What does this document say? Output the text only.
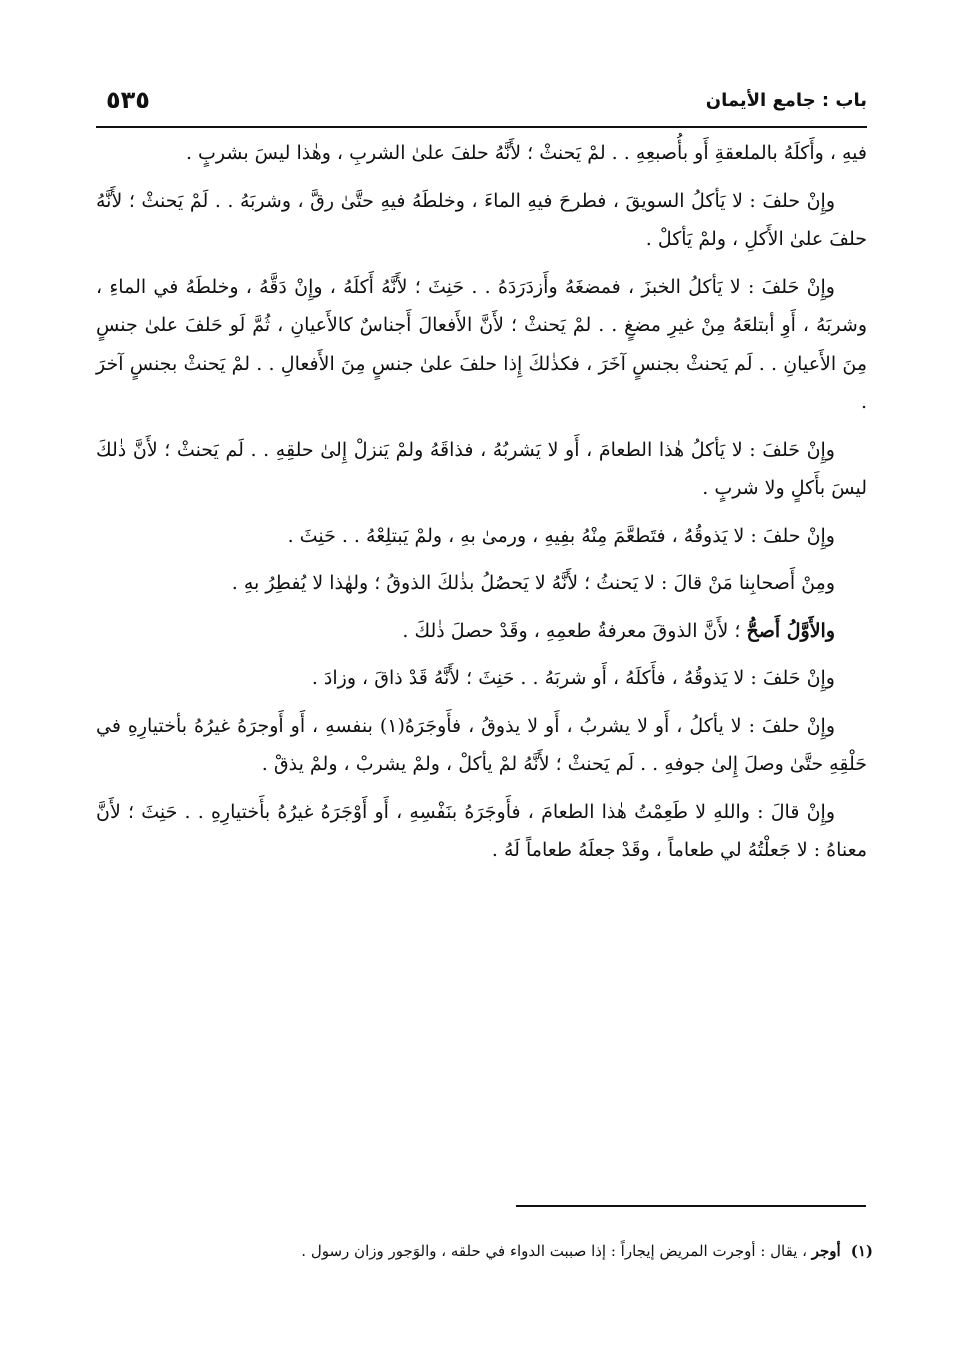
باب : جامع الأيمان
٥٣٥

فيهِ ، وأَكلَهُ بالملعقةِ أَو بأُصبعِهِ . . لمْ يَحنثْ ؛ لأَنَّهُ حلفَ علىٰ الشربِ ، وهٰذا ليسَ بشربٍ .

وإِنْ حلفَ : لا يَأكلُ السويقَ ، فطرحَ فيهِ الماءَ ، وخلطَهُ فيهِ حتَّىٰ رقَّ ، وشربَهُ . . لَمْ يَحنثْ ؛ لأَنَّهُ حلفَ علىٰ الأَكلِ ، ولمْ يَأكلْ .

وإِنْ حَلفَ : لا يَأكلُ الخبزَ ، فمضغَهُ وأَزدَرَدَهُ . . حَنِثَ ؛ لأَنَّهُ أَكلَهُ ، وإِنْ دَقَّهُ ، وخلطَهُ في الماءِ ، وشربَهُ ، أَوِ أبتلعَهُ مِنْ غيرِ مضغٍ . . لمْ يَحنثْ ؛ لأَنَّ الأَفعالَ أَجناسٌ كالأَعيانِ ، ثُمَّ لَو حَلفَ علىٰ جنسٍ مِنَ الأَعيانِ . . لَم يَحنثْ بجنسٍ آخَرَ ، فكذٰلكَ إِذا حلفَ علىٰ جنسٍ مِنَ الأَفعالِ . . لمْ يَحنثْ بجنسٍ آخرَ .

وإِنْ حَلفَ : لا يَأكلُ هٰذا الطعامَ ، أَو لا يَشربُهُ ، فذاقَهُ ولمْ يَنزلْ إِلىٰ حلقِهِ . . لَم يَحنثْ ؛ لأَنَّ ذٰلكَ ليسَ بأَكلٍ ولا شربٍ .

وإِنْ حلفَ : لا يَذوقُهُ ، فتَطعَّمَ مِنْهُ بفِيهِ ، ورمىٰ بهِ ، ولمْ يَبتلِعْهُ . . حَنِثَ .

ومِنْ أَصحابِنا مَنْ قالَ : لا يَحنثُ ؛ لأَنَّهُ لا يَحصُلُ بذٰلكَ الذوقُ ؛ ولهٰذا لا يُفطِرُ بهِ .

والأَوَّلُ أَصحُّ ؛ لأَنَّ الذوقَ معرفةُ طعمِهِ ، وقَدْ حصلَ ذٰلكَ .

وإِنْ حَلفَ : لا يَذوقُهُ ، فأَكلَهُ ، أَو شربَهُ . . حَنِثَ ؛ لأَنَّهُ قَدْ ذاقَ ، وزادَ .

وإِنْ حلفَ : لا يأكلُ ، أَو لا يشربُ ، أَو لا يذوقُ ، فأَوجَرَهُ(١) بنفسهِ ، أَو أَوجرَهُ غيرُهُ بأختيارِهِ في حَلْقِهِ حتَّىٰ وصلَ إِلىٰ جوفهِ . . لَم يَحنثْ ؛ لأَنَّهُ لمْ يأكلْ ، ولمْ يشربْ ، ولمْ يذقْ .

وإِنْ قالَ : واللهِ لا طَعِمْتُ هٰذا الطعامَ ، فأَوجَرَهُ بنَفْسِهِ ، أَو أَوْجَرَهُ غيرُهُ بأَختيارِهِ . . حَنِثَ ؛ لأَنَّ معناهُ : لا جَعلْتُهُ لي طعاماً ، وقَدْ جعلَهُ طعاماً لَهُ .

(١)أوجر ، يقال : أوجرت المريض إيجاراً : إذا صببت الدواء في حلقه ، والوَجور وزان رسول .
